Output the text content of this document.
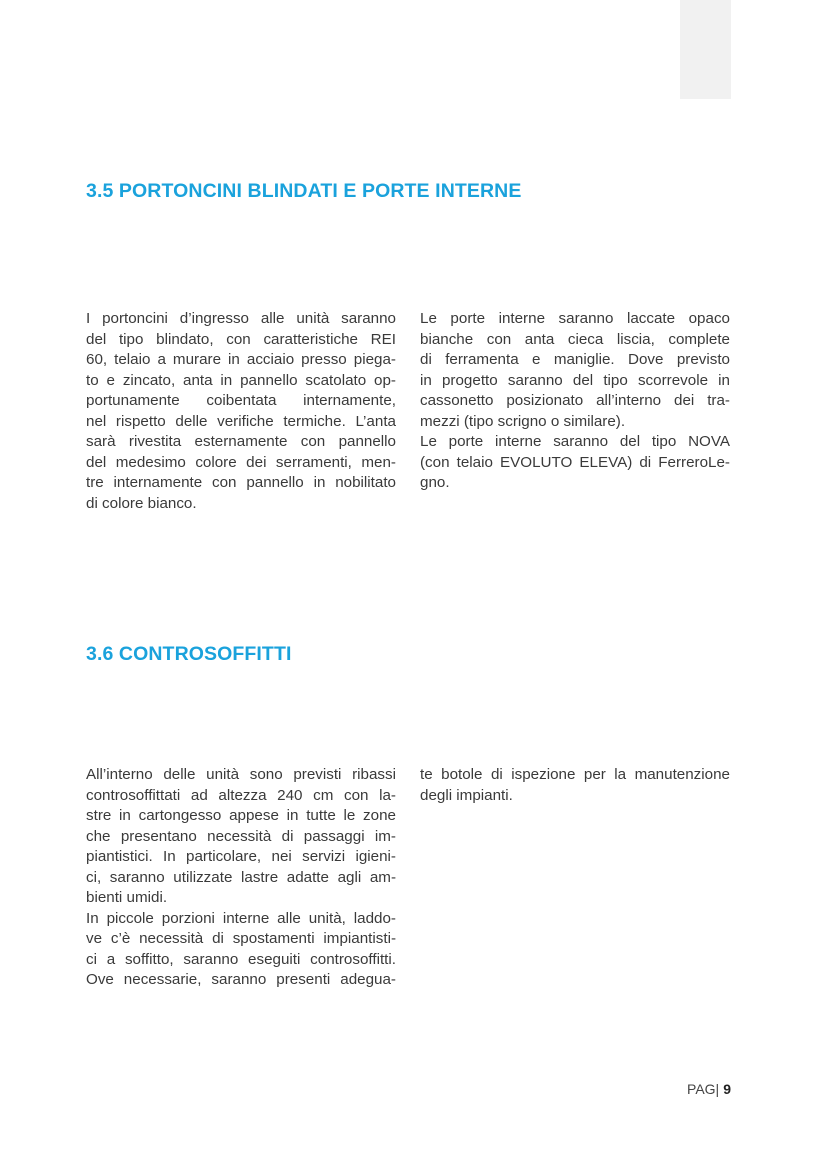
3.5 PORTONCINI BLINDATI E PORTE INTERNE
I portoncini d’ingresso alle unità saranno
del tipo blindato, con caratteristiche REI
60, telaio a murare in acciaio presso piega-
to e zincato, anta in pannello scatolato op-
portunamente coibentata internamente,
nel rispetto delle verifiche termiche. L’anta
sarà rivestita esternamente con pannello
del medesimo colore dei serramenti, men-
tre internamente con pannello in nobilitato
di colore bianco.
Le porte interne saranno laccate opaco
bianche con anta cieca liscia, complete
di ferramenta e maniglie. Dove previsto
in progetto saranno del tipo scorrevole in
cassonetto posizionato all’interno dei tra-
mezzi (tipo scrigno o similare).
Le porte interne saranno del tipo NOVA
(con telaio EVOLUTO ELEVA) di FerreroLe-
gno.
3.6 CONTROSOFFITTI
All’interno delle unità sono previsti ribassi
controsoffittati ad altezza 240 cm con la-
stre in cartongesso appese in tutte le zone
che presentano necessità di passaggi im-
piantistici. In particolare, nei servizi igieni-
ci, saranno utilizzate lastre adatte agli am-
bienti umidi.
In piccole porzioni interne alle unità, laddo-
ve c’è necessità di spostamenti impiantisti-
ci a soffitto, saranno eseguiti controsoffitti.
Ove necessarie, saranno presenti adegua-
te botole di ispezione per la manutenzione
degli impianti.
PAG| 9
